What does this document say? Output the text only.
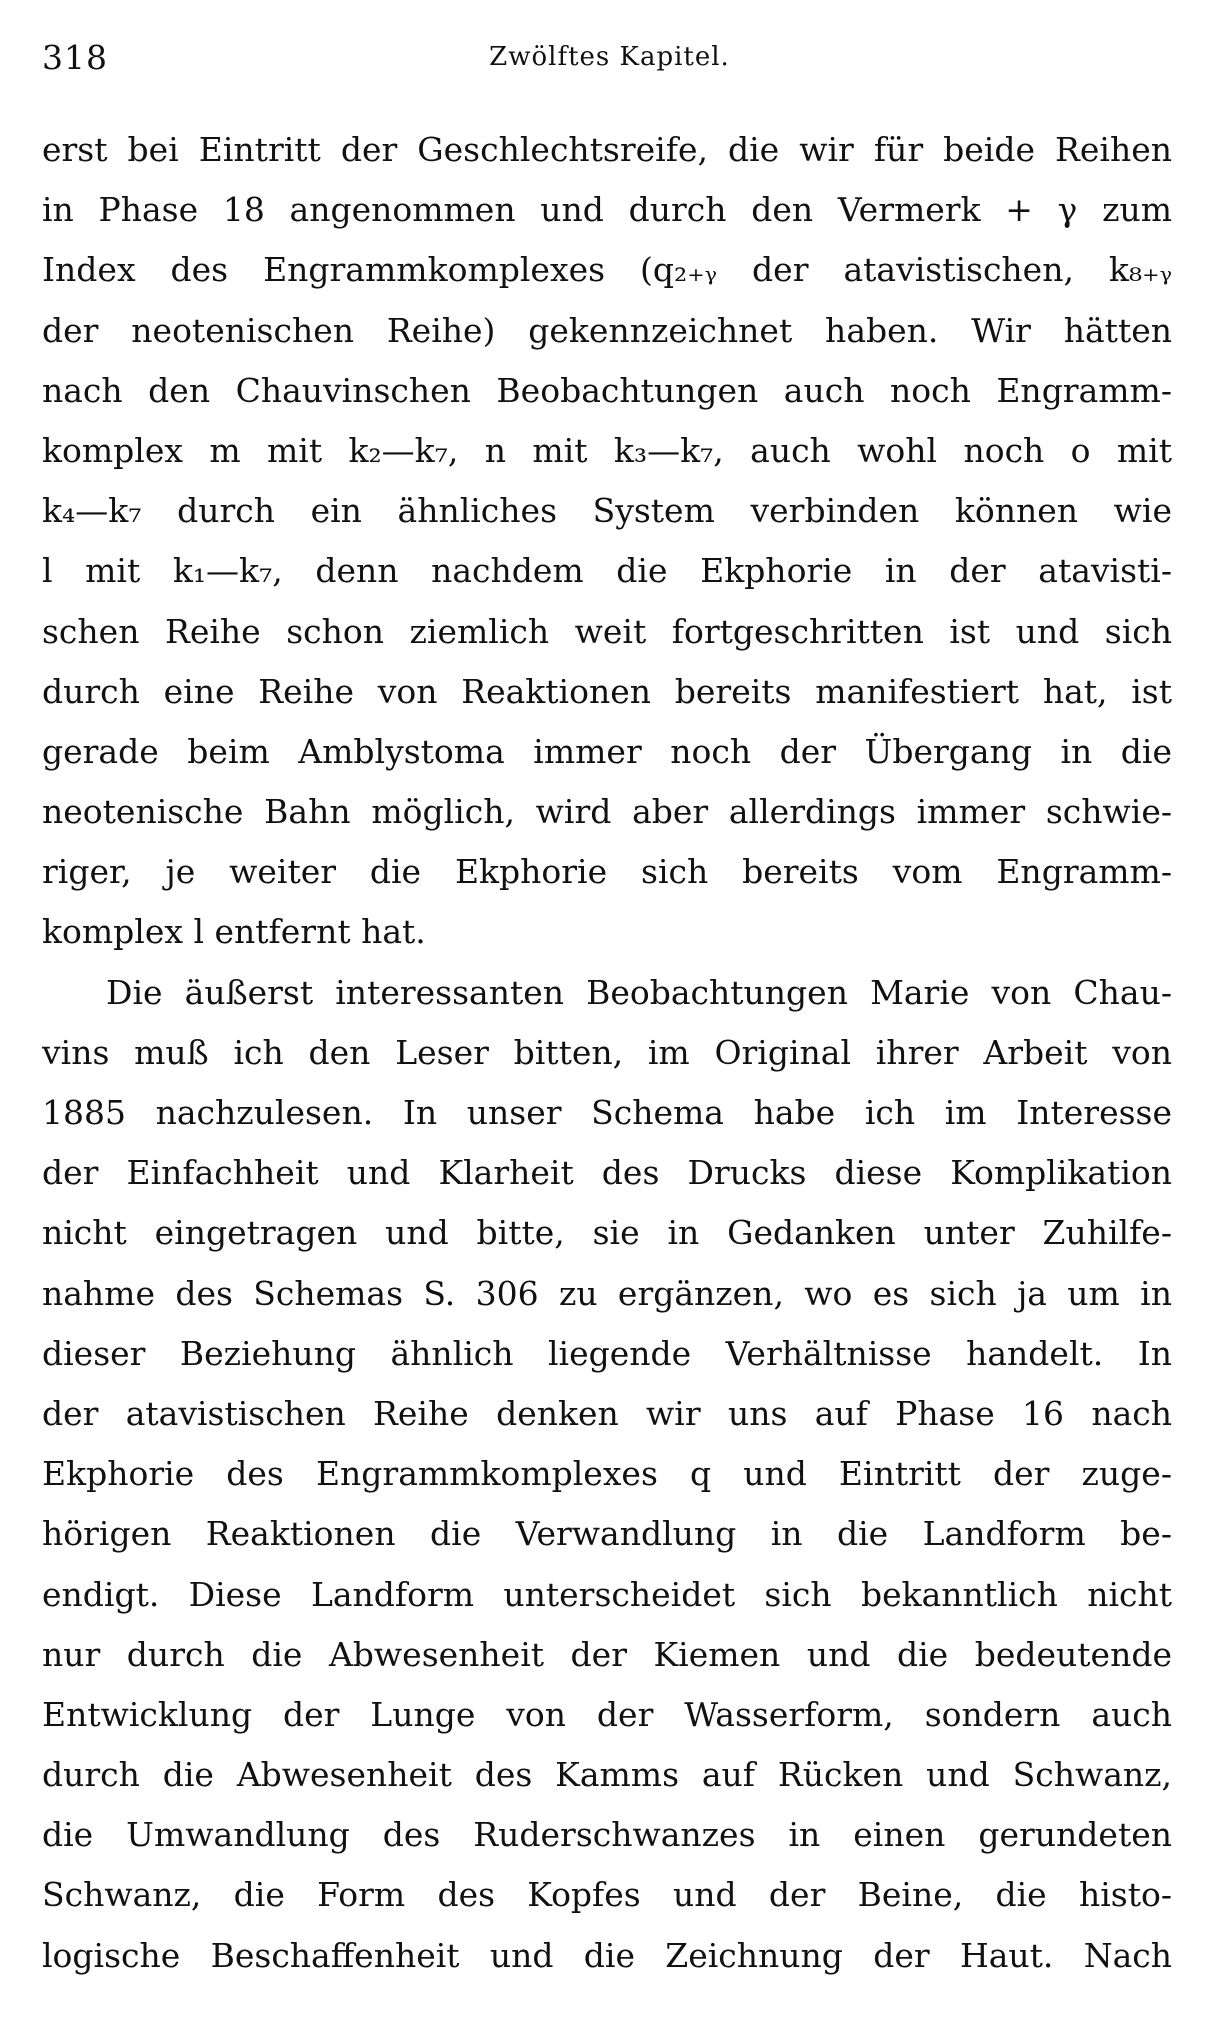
318	Zwölftes Kapitel.
erst bei Eintritt der Geschlechtsreife, die wir für beide Reihen
in Phase 18 angenommen und durch den Vermerk + γ zum
Index des Engrammkomplexes (q₂₊ᵧ der atavistischen, k₈₊ᵧ
der neotenischen Reihe) gekennzeichnet haben. Wir hätten
nach den Chauvinschen Beobachtungen auch noch Engramm-
komplex m mit k₂—k₇, n mit k₃—k₇, auch wohl noch o mit
k₄—k₇ durch ein ähnliches System verbinden können wie
l mit k₁—k₇, denn nachdem die Ekphorie in der atavisti-
schen Reihe schon ziemlich weit fortgeschritten ist und sich
durch eine Reihe von Reaktionen bereits manifestiert hat, ist
gerade beim Amblystoma immer noch der Übergang in die
neotenische Bahn möglich, wird aber allerdings immer schwie-
riger, je weiter die Ekphorie sich bereits vom Engramm-
komplex l entfernt hat.
Die äußerst interessanten Beobachtungen Marie von Chau-
vins muß ich den Leser bitten, im Original ihrer Arbeit von
1885 nachzulesen. In unser Schema habe ich im Interesse
der Einfachheit und Klarheit des Drucks diese Komplikation
nicht eingetragen und bitte, sie in Gedanken unter Zuhilfe-
nahme des Schemas S. 306 zu ergänzen, wo es sich ja um in
dieser Beziehung ähnlich liegende Verhältnisse handelt. In
der atavistischen Reihe denken wir uns auf Phase 16 nach
Ekphorie des Engrammkomplexes q und Eintritt der zuge-
hörigen Reaktionen die Verwandlung in die Landform be-
endigt. Diese Landform unterscheidet sich bekanntlich nicht
nur durch die Abwesenheit der Kiemen und die bedeutende
Entwicklung der Lunge von der Wasserform, sondern auch
durch die Abwesenheit des Kamms auf Rücken und Schwanz,
die Umwandlung des Ruderschwanzes in einen gerundeten
Schwanz, die Form des Kopfes und der Beine, die histo-
logische Beschaffenheit und die Zeichnung der Haut. Nach
